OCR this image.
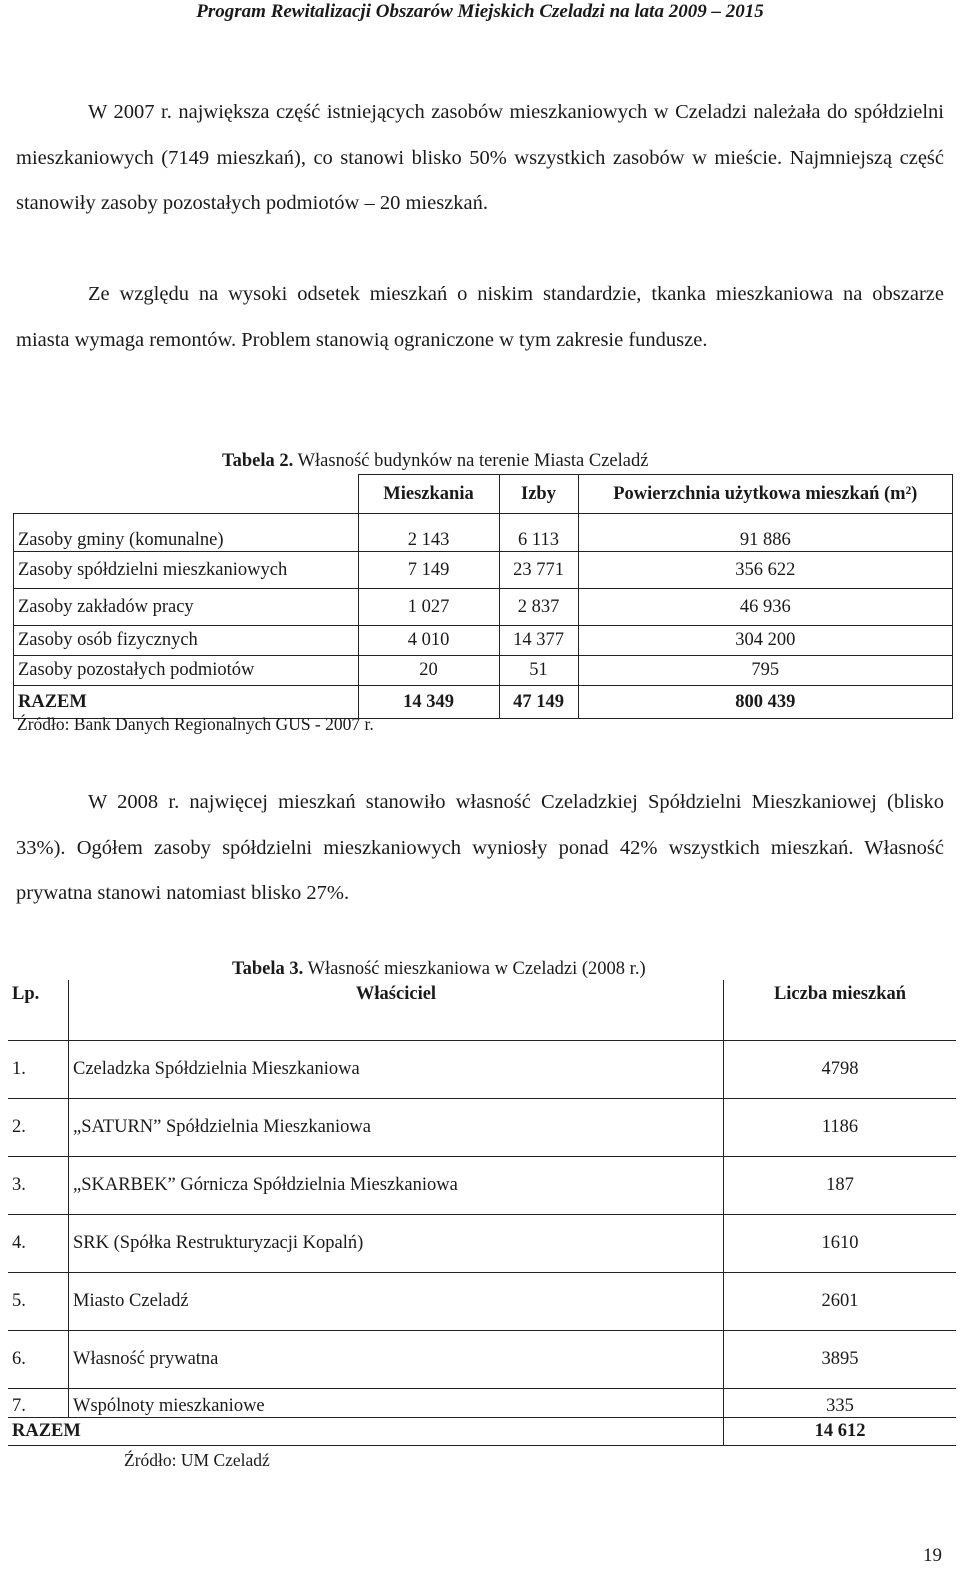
Program Rewitalizacji Obszarów Miejskich Czeladzi na lata 2009 – 2015

W 2007 r. największa część istniejących zasobów mieszkaniowych w Czeladzi należała do spółdzielni mieszkaniowych (7149 mieszkań), co stanowi blisko 50% wszystkich zasobów w mieście. Najmniejszą część stanowiły zasoby pozostałych podmiotów – 20 mieszkań.

Ze względu na wysoki odsetek mieszkań o niskim standardzie, tkanka mieszkaniowa na obszarze miasta wymaga remontów. Problem stanowią ograniczone w tym zakresie fundusze.

Tabela 2. Własność budynków na terenie Miasta Czeladź
	Mieszkania	Izby	Powierzchnia użytkowa mieszkań (m²)
Zasoby gminy (komunalne)	2 143	6 113	91 886
Zasoby spółdzielni mieszkaniowych	7 149	23 771	356 622
Zasoby zakładów pracy	1 027	2 837	46 936
Zasoby osób fizycznych	4 010	14 377	304 200
Zasoby pozostałych podmiotów	20	51	795
RAZEM	14 349	47 149	800 439
Źródło: Bank Danych Regionalnych GUS - 2007 r.

W 2008 r. najwięcej mieszkań stanowiło własność Czeladzkiej Spółdzielni Mieszkaniowej (blisko 33%). Ogółem zasoby spółdzielni mieszkaniowych wyniosły ponad 42% wszystkich mieszkań. Własność prywatna stanowi natomiast blisko 27%.

Tabela 3. Własność mieszkaniowa w Czeladzi (2008 r.)
Lp.	Właściciel	Liczba mieszkań
1.	Czeladzka Spółdzielnia Mieszkaniowa	4798
2.	„SATURN” Spółdzielnia Mieszkaniowa	1186
3.	„SKARBEK” Górnicza Spółdzielnia Mieszkaniowa	187
4.	SRK (Spółka Restrukturyzacji Kopalń)	1610
5.	Miasto Czeladź	2601
6.	Własność prywatna	3895
7.	Wspólnoty mieszkaniowe	335
RAZEM		14 612
Źródło: UM Czeladź
19
